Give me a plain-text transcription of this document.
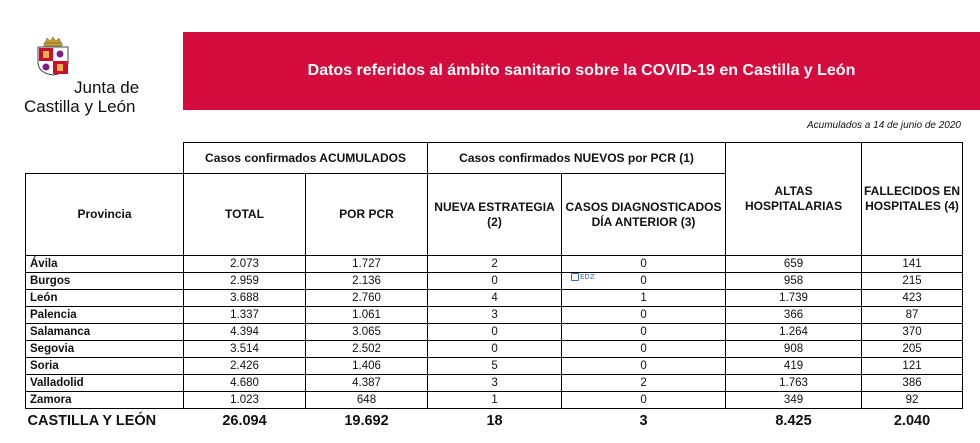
Junta de
Castilla y León
Datos referidos al ámbito sanitario sobre la COVID-19 en Castilla y León
Acumulados a 14 de junio de 2020
	Casos confirmados ACUMULADOS		Casos confirmados NUEVOS por PCR (1)		ALTAS HOSPITALARIAS	FALLECIDOS EN HOSPITALES (4)
Provincia	TOTAL	POR PCR	NUEVA ESTRATEGIA (2)	CASOS DIAGNOSTICADOS DÍA ANTERIOR (3)		
Ávila	2.073	1.727	2	0	659	141
Burgos	2.959	2.136	0	0	958	215
León	3.688	2.760	4	1	1.739	423
Palencia	1.337	1.061	3	0	366	87
Salamanca	4.394	3.065	0	0	1.264	370
Segovia	3.514	2.502	0	0	908	205
Soria	2.426	1.406	5	0	419	121
Valladolid	4.680	4.387	3	2	1.763	386
Zamora	1.023	648	1	0	349	92
CASTILLA Y LEÓN	26.094	19.692	18	3	8.425	2.040
EDZ
